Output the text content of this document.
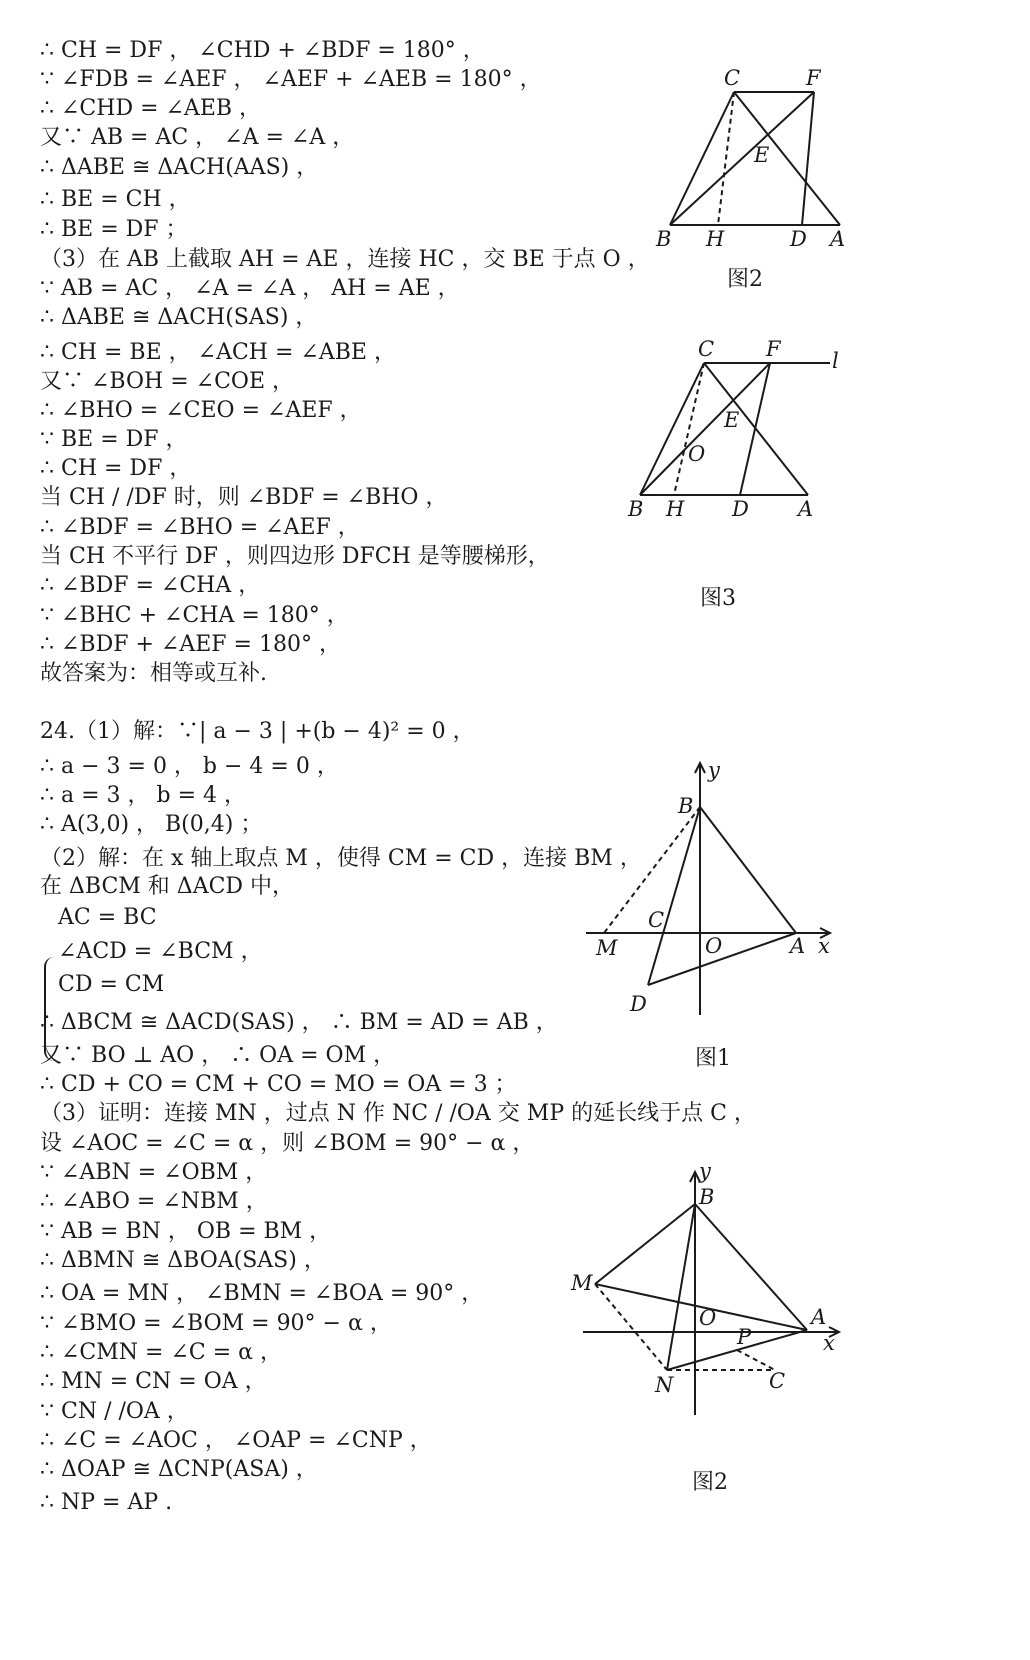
∴ CH = DF ， ∠CHD + ∠BDF = 180° ，
∵ ∠FDB = ∠AEF ， ∠AEF + ∠AEB = 180° ，
∴ ∠CHD = ∠AEB ，
又∵ AB = AC ， ∠A = ∠A ，
∴ ΔABE ≅ ΔACH(AAS) ，
∴ BE = CH ，
∴ BE = DF ；
（3）在 AB 上截取 AH = AE ，连接 HC ，交 BE 于点 O ，
∵ AB = AC ， ∠A = ∠A ， AH = AE ，
∴ ΔABE ≅ ΔACH(SAS) ，
∴ CH = BE ， ∠ACH = ∠ABE ，
又∵ ∠BOH = ∠COE ，
∴ ∠BHO = ∠CEO = ∠AEF ，
∵ BE = DF ，
∴ CH = DF ，
当 CH / /DF 时，则 ∠BDF = ∠BHO ，
∴ ∠BDF = ∠BHO = ∠AEF ，
当 CH 不平行 DF ，则四边形 DFCH 是等腰梯形，
∴ ∠BDF = ∠CHA ，
∵ ∠BHC + ∠CHA = 180° ，
∴ ∠BDF + ∠AEF = 180° ，
故答案为：相等或互补.
24.（1）解：∵| a − 3 | +(b − 4)² = 0 ，
∴ a − 3 = 0 ， b − 4 = 0 ，
∴ a = 3 ， b = 4 ，
∴ A(3,0) ， B(0,4) ；
（2）解：在 x 轴上取点 M ，使得 CM = CD ，连接 BM ，
在 ΔBCM 和 ΔACD 中，
AC = BC
∠ACD = ∠BCM ，
CD = CM
∴ ΔBCM ≅ ΔACD(SAS) ， ∴ BM = AD = AB ，
又∵ BO ⊥ AO ， ∴ OA = OM ，
∴ CD + CO = CM + CO = MO = OA = 3 ；
（3）证明：连接 MN ，过点 N 作 NC / /OA 交 MP 的延长线于点 C ，
设 ∠AOC = ∠C = α ，则 ∠BOM = 90° − α ，
∵ ∠ABN = ∠OBM ，
∴ ∠ABO = ∠NBM ，
∵ AB = BN ， OB = BM ，
∴ ΔBMN ≅ ΔBOA(SAS) ，
∴ OA = MN ， ∠BMN = ∠BOA = 90° ，
∵ ∠BMO = ∠BOM = 90° − α ，
∴ ∠CMN = ∠C = α ，
∴ MN = CN = OA ，
∵ CN / /OA ，
∴ ∠C = ∠AOC ， ∠OAP = ∠CNP ，
∴ ΔOAP ≅ ΔCNP(ASA) ，
∴ NP = AP .
C	F
E
B H	D A
图2
C F l
E
O
B H D A
图3
y
B
C
M	O	A x
D
图1
y
B
M
O	A
x
P
N	C
图2
